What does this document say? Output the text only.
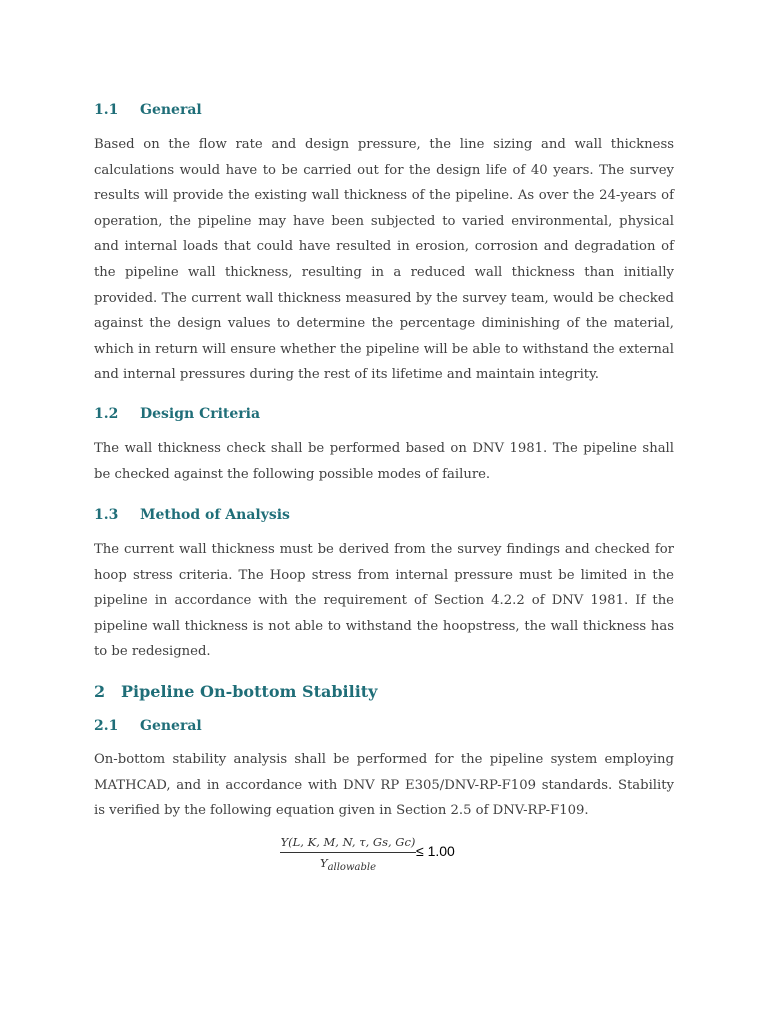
1.1 General

Based on the flow rate and design pressure, the line sizing and wall thickness calculations would have to be carried out for the design life of 40 years. The survey results will provide the existing wall thickness of the pipeline. As over the 24-years of operation, the pipeline may have been subjected to varied environmental, physical and internal loads that could have resulted in erosion, corrosion and degradation of the pipeline wall thickness, resulting in a reduced wall thickness than initially provided. The current wall thickness measured by the survey team, would be checked against the design values to determine the percentage diminishing of the material, which in return will ensure whether the pipeline will be able to withstand the external and internal pressures during the rest of its lifetime and maintain integrity.

1.2 Design Criteria

The wall thickness check shall be performed based on DNV 1981. The pipeline shall be checked against the following possible modes of failure.

1.3 Method of Analysis

The current wall thickness must be derived from the survey findings and checked for hoop stress criteria. The Hoop stress from internal pressure must be limited in the pipeline in accordance with the requirement of Section 4.2.2 of DNV 1981. If the pipeline wall thickness is not able to withstand the hoopstress, the wall thickness has to be redesigned.

2 Pipeline On-bottom Stability
2.1 General

On-bottom stability analysis shall be performed for the pipeline system employing MATHCAD, and in accordance with DNV RP E305/DNV-RP-F109 standards. Stability is verified by the following equation given in Section 2.5 of DNV-RP-F109.

Y(L, K, M, N, τ, Gs, Gc)
Yallowable
≤ 1.00
